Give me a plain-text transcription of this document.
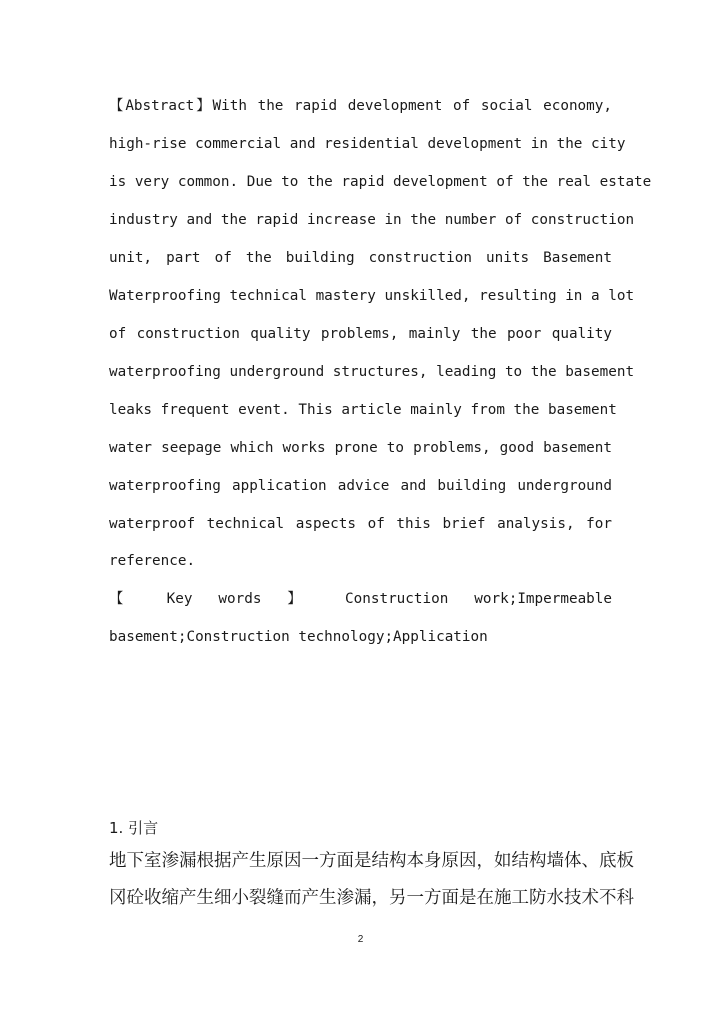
【Abstract】With the rapid development of social economy,
high-rise commercial and residential development in the city
is very common. Due to the rapid development of the real estate
industry and the rapid increase in the number of construction
unit, part of the building construction units Basement
Waterproofing technical mastery unskilled, resulting in a lot
of construction quality problems, mainly the poor quality
waterproofing underground structures, leading to the basement
leaks frequent event. This article mainly from the basement
water seepage which works prone to problems, good basement
waterproofing application advice and building underground
waterproof technical aspects of this brief analysis, for
reference.
【 Key words 】 Construction work;Impermeable
basement;Construction technology;Application
1. 引言
地下室渗漏根据产生原因一方面是结构本身原因，如结构墙体、底板
冈砼收缩产生细小裂缝而产生渗漏，另一方面是在施工防水技术不科
2
